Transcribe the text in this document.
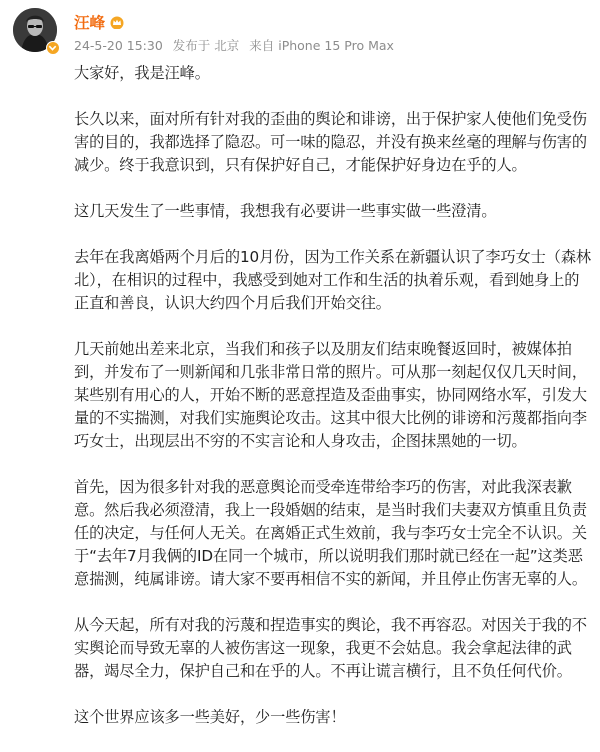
汪峰
24-5-20 15:30 发布于 北京 来自 iPhone 15 Pro Max

大家好，我是汪峰。

长久以来，面对所有针对我的歪曲的舆论和诽谤，出于保护家人使他们免受伤害的目的，我都选择了隐忍。可一味的隐忍，并没有换来丝毫的理解与伤害的减少。终于我意识到，只有保护好自己，才能保护好身边在乎的人。

这几天发生了一些事情，我想我有必要讲一些事实做一些澄清。

去年在我离婚两个月后的10月份，因为工作关系在新疆认识了李巧女士（森林北），在相识的过程中，我感受到她对工作和生活的执着乐观，看到她身上的正直和善良，认识大约四个月后我们开始交往。

几天前她出差来北京，当我们和孩子以及朋友们结束晚餐返回时，被媒体拍到，并发布了一则新闻和几张非常日常的照片。可从那一刻起仅仅几天时间，某些别有用心的人，开始不断的恶意捏造及歪曲事实，协同网络水军，引发大量的不实揣测，对我们实施舆论攻击。这其中很大比例的诽谤和污蔑都指向李巧女士，出现层出不穷的不实言论和人身攻击，企图抹黑她的一切。

首先，因为很多针对我的恶意舆论而受牵连带给李巧的伤害，对此我深表歉意。然后我必须澄清，我上一段婚姻的结束，是当时我们夫妻双方慎重且负责任的决定，与任何人无关。在离婚正式生效前，我与李巧女士完全不认识。关于“去年7月我俩的ID在同一个城市，所以说明我们那时就已经在一起”这类恶意揣测，纯属诽谤。请大家不要再相信不实的新闻，并且停止伤害无辜的人。

从今天起，所有对我的污蔑和捏造事实的舆论，我不再容忍。对因关于我的不实舆论而导致无辜的人被伤害这一现象，我更不会姑息。我会拿起法律的武器，竭尽全力，保护自己和在乎的人。不再让谎言横行，且不负任何代价。

这个世界应该多一些美好，少一些伤害！
